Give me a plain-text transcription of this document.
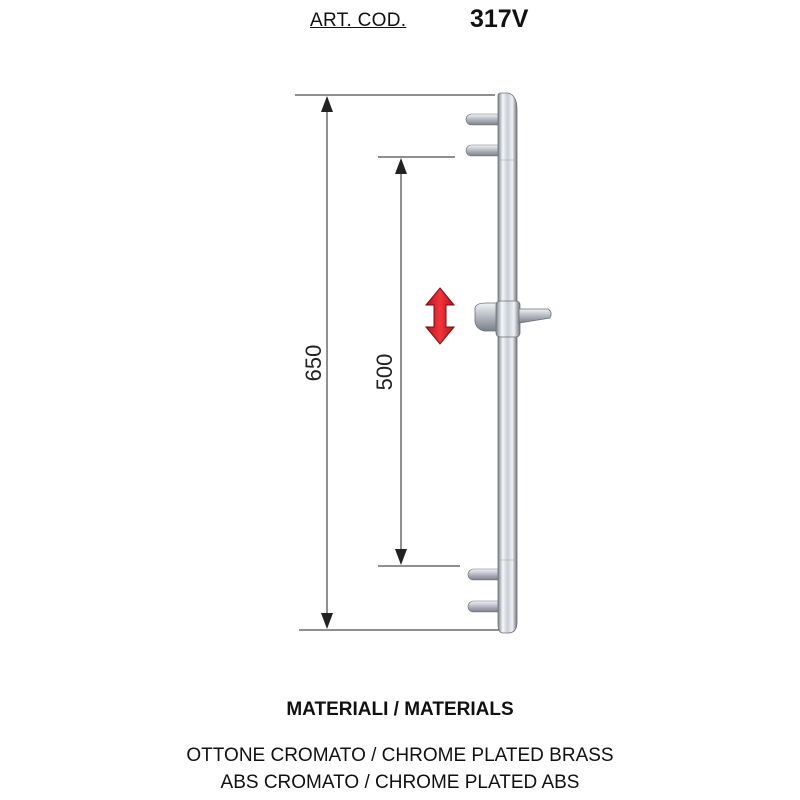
ART. COD.	317V
650 500
MATERIALI / MATERIALS
OTTONE CROMATO / CHROME PLATED BRASS
ABS CROMATO / CHROME PLATED ABS
